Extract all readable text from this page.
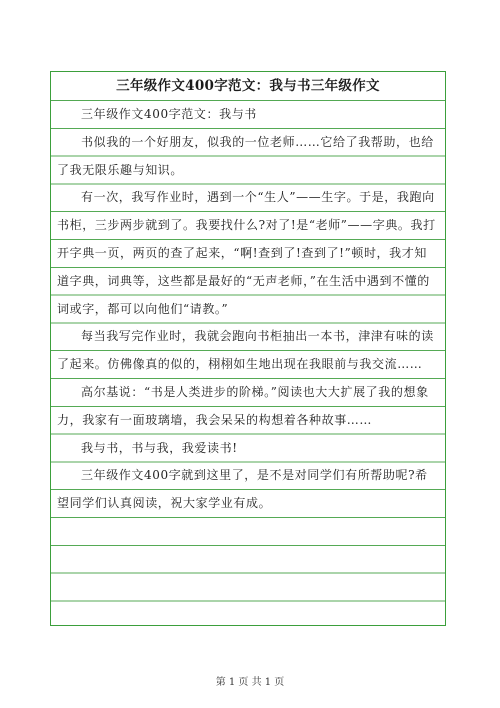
三年级作文400字范文：我与书三年级作文

三年级作文400字范文：我与书

书似我的一个好朋友，似我的一位老师……它给了我帮助，也给了我无限乐趣与知识。

有一次，我写作业时，遇到一个“生人”——生字。于是，我跑向书柜，三步两步就到了。我要找什么?对了!是“老师”——字典。我打开字典一页，两页的查了起来，“啊!查到了!查到了!”顿时，我才知道字典，词典等，这些都是最好的“无声老师，”在生活中遇到不懂的词或字，都可以向他们“请教。”

每当我写完作业时，我就会跑向书柜抽出一本书，津津有味的读了起来。仿佛像真的似的，栩栩如生地出现在我眼前与我交流……

高尔基说：“书是人类进步的阶梯。”阅读也大大扩展了我的想象力，我家有一面玻璃墙，我会呆呆的构想着各种故事……

我与书，书与我，我爱读书!

三年级作文400字就到这里了，是不是对同学们有所帮助呢?希望同学们认真阅读，祝大家学业有成。

第 1 页 共 1 页
